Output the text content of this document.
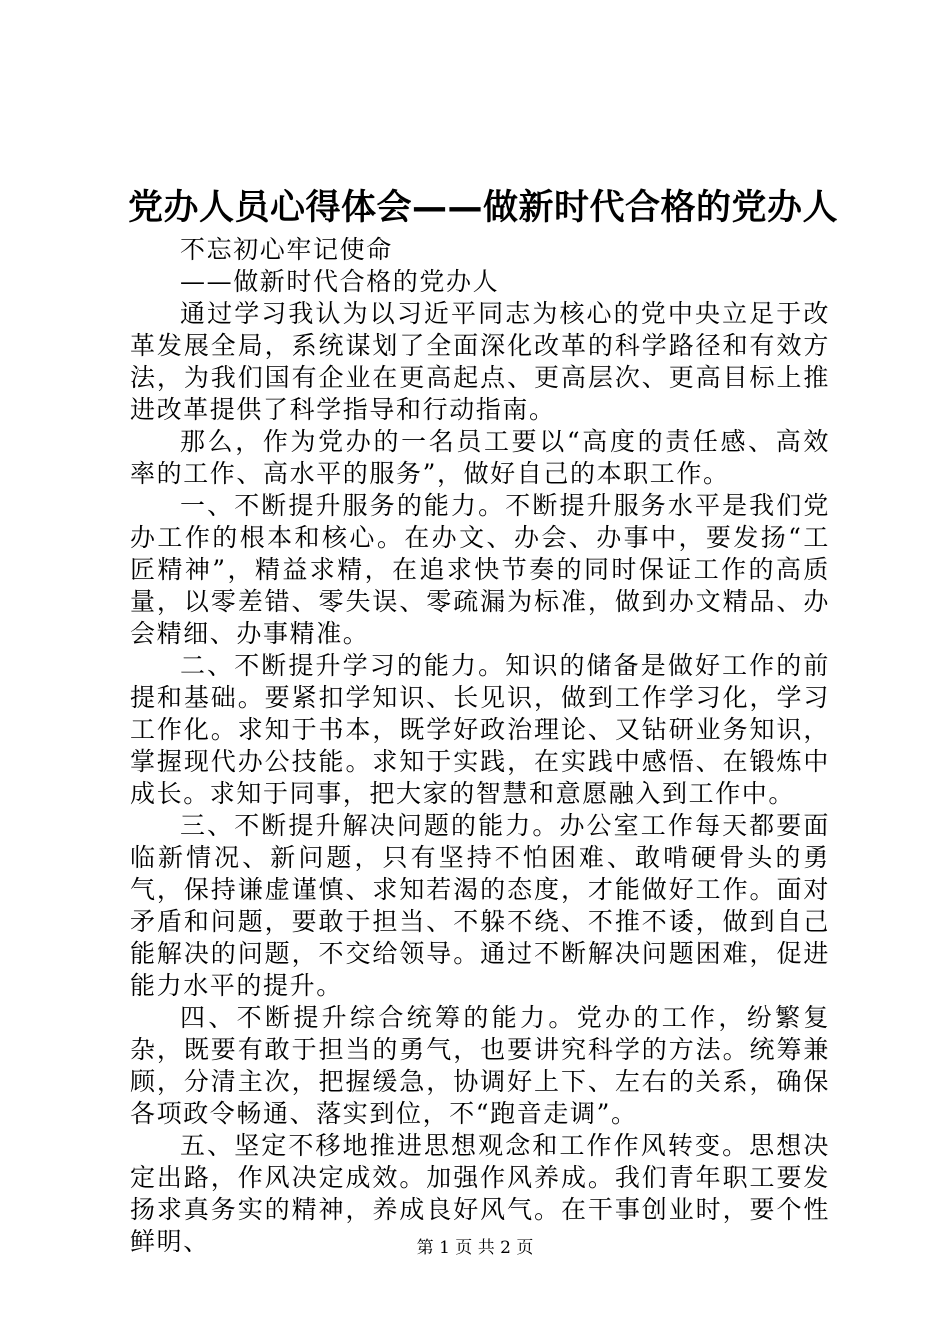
党办人员心得体会——做新时代合格的党办人

不忘初心牢记使命

——做新时代合格的党办人

通过学习我认为以习近平同志为核心的党中央立足于改革发展全局，系统谋划了全面深化改革的科学路径和有效方法，为我们国有企业在更高起点、更高层次、更高目标上推进改革提供了科学指导和行动指南。

那么，作为党办的一名员工要以“高度的责任感、高效率的工作、高水平的服务”，做好自己的本职工作。

一、不断提升服务的能力。不断提升服务水平是我们党办工作的根本和核心。在办文、办会、办事中，要发扬“工匠精神”，精益求精，在追求快节奏的同时保证工作的高质量，以零差错、零失误、零疏漏为标准，做到办文精品、办会精细、办事精准。

二、不断提升学习的能力。知识的储备是做好工作的前提和基础。要紧扣学知识、长见识，做到工作学习化，学习工作化。求知于书本，既学好政治理论、又钻研业务知识，掌握现代办公技能。求知于实践，在实践中感悟、在锻炼中成长。求知于同事，把大家的智慧和意愿融入到工作中。

三、不断提升解决问题的能力。办公室工作每天都要面临新情况、新问题，只有坚持不怕困难、敢啃硬骨头的勇气，保持谦虚谨慎、求知若渴的态度，才能做好工作。面对矛盾和问题，要敢于担当、不躲不绕、不推不诿，做到自己能解决的问题，不交给领导。通过不断解决问题困难，促进能力水平的提升。

四、不断提升综合统筹的能力。党办的工作，纷繁复杂，既要有敢于担当的勇气，也要讲究科学的方法。统筹兼顾，分清主次，把握缓急，协调好上下、左右的关系，确保各项政令畅通、落实到位，不“跑音走调”。

五、坚定不移地推进思想观念和工作作风转变。思想决定出路，作风决定成效。加强作风养成。我们青年职工要发扬求真务实的精神，养成良好风气。在干事创业时，要个性鲜明、	第 1 页 共 2 页
